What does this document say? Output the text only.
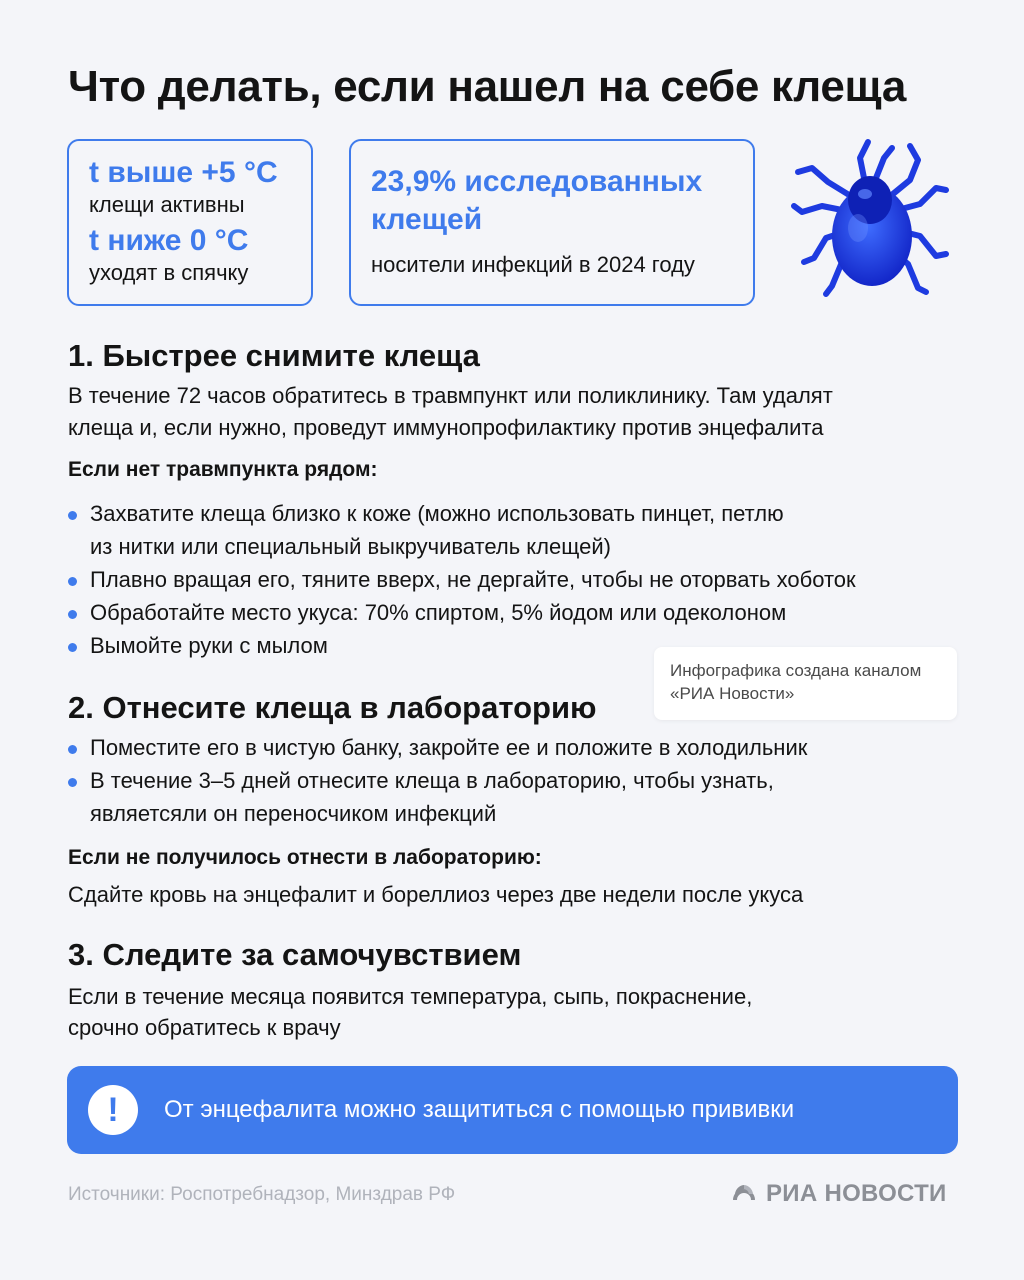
Что делать, если нашел на себе клеща
t выше +5 °С
клещи активны
t ниже 0 °С
уходят в спячку
23,9% исследованных клещей
носители инфекций в 2024 году
1. Быстрее снимите клеща

В течение 72 часов обратитесь в травмпункт или поликлинику. Там удалят

клеща и, если нужно, проведут иммунопрофилактику против энцефалита

Если нет травмпункта рядом:
Захватите клеща близко к коже (можно использовать пинцет, петлю
из нитки или специальный выкручиватель клещей)
Плавно вращая его, тяните вверх, не дергайте, чтобы не оторвать хоботок
Обработайте место укуса: 70% спиртом, 5% йодом или одеколоном
Вымойте руки с мылом
Инфографика создана каналом
«РИА Новости»
2. Отнесите клеща в лабораторию
Поместите его в чистую банку, закройте ее и положите в холодильник
В течение 3–5 дней отнесите клеща в лабораторию, чтобы узнать,
являетсяли он переносчиком инфекций
Если не получилось отнести в лабораторию:

Сдайте кровь на энцефалит и бореллиоз через две недели после укуса

3. Следите за самочувствием

Если в течение месяца появится температура, сыпь, покраснение,

срочно обратитесь к врачу

!	От энцефалита можно защититься с помощью прививки
Источники: Роспотребнадзор, Минздрав РФ	РИА НОВОСТИ
